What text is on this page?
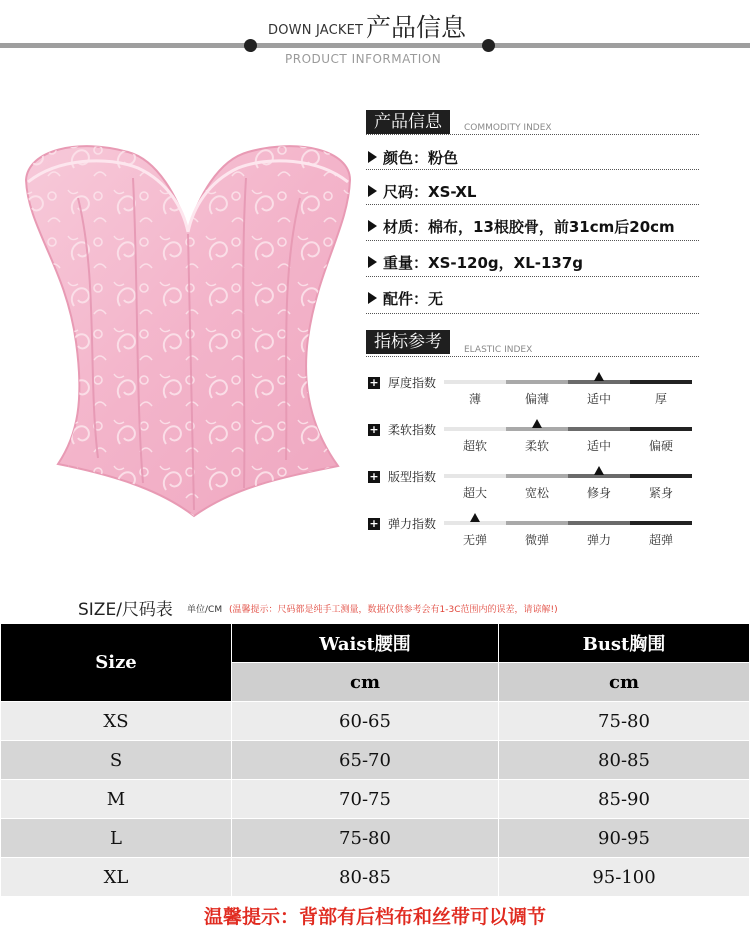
DOWN JACKET 产品信息
PRODUCT INFORMATION
产品信息	COMMODITY INDEX
颜色：粉色
尺码：XS-XL
材质：棉布，13根胶骨，前31cm后20cm
重量：XS-120g，XL-137g
配件：无
指标参考	ELASTIC INDEX
+ 厚度指数
薄	偏薄	适中	厚
+ 柔软指数
超软	柔软	适中	偏硬
+ 版型指数
超大	宽松	修身	紧身
+ 弹力指数
无弹	微弹	弹力	超弹
SIZE/尺码表 单位/CM (温馨提示：尺码都是纯手工测量，数据仅供参考会有1-3C范围内的误差，请谅解!)
Size	Waist腰围	Bust胸围
	cm	cm
XS	60-65	75-80
S	65-70	80-85
M	70-75	85-90
L	75-80	90-95
XL	80-85	95-100
温馨提示：背部有后档布和丝带可以调节
